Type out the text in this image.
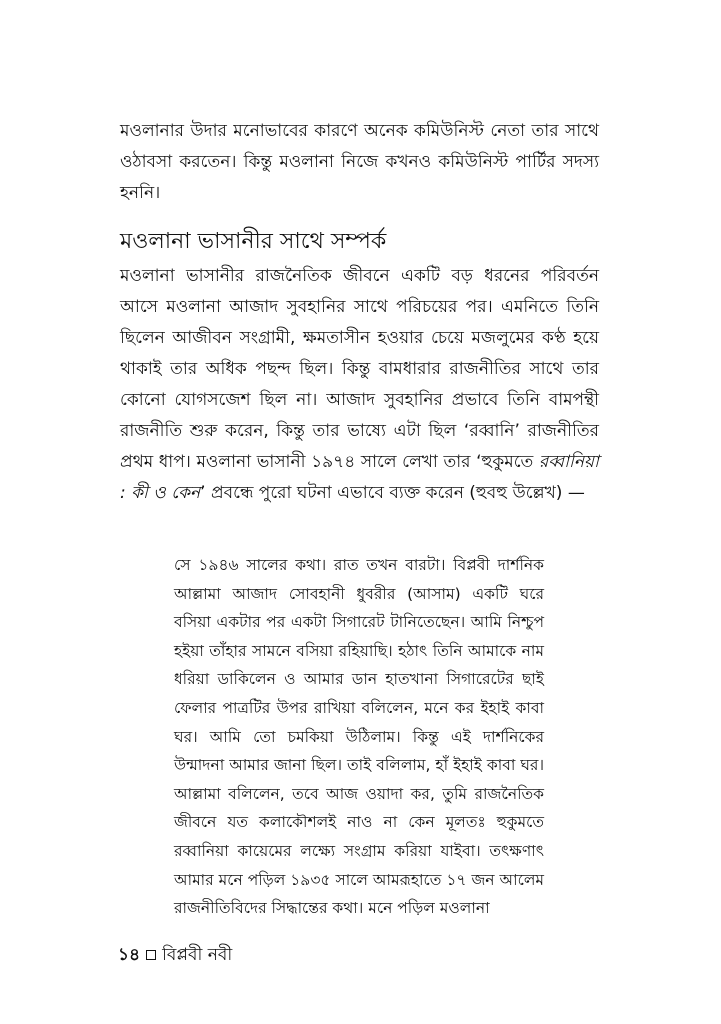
মওলানার উদার মনোভাবের কারণে অনেক কমিউনিস্ট নেতা তার সাথে ওঠাবসা করতেন। কিন্তু মওলানা নিজে কখনও কমিউনিস্ট পার্টির সদস্য হননি।

মওলানা ভাসানীর সাথে সম্পর্ক

মওলানা ভাসানীর রাজনৈতিক জীবনে একটি বড় ধরনের পরিবর্তন আসে মওলানা আজাদ সুবহানির সাথে পরিচয়ের পর। এমনিতে তিনি ছিলেন আজীবন সংগ্রামী, ক্ষমতাসীন হওয়ার চেয়ে মজলুমের কণ্ঠ হয়ে থাকাই তার অধিক পছন্দ ছিল। কিন্তু বামধারার রাজনীতির সাথে তার কোনো যোগসজেশ ছিল না। আজাদ সুবহানির প্রভাবে তিনি বামপন্থী রাজনীতি শুরু করেন, কিন্তু তার ভাষ্যে এটা ছিল ‘রব্বানি’ রাজনীতির প্রথম ধাপ। মওলানা ভাসানী ১৯৭৪ সালে লেখা তার ‘হুকুমতে রব্বানিয়া : কী ও কেন’ প্রবন্ধে পুরো ঘটনা এভাবে ব্যক্ত করেন (হুবহু উল্লেখ) —

সে ১৯৪৬ সালের কথা। রাত তখন বারটা। বিপ্লবী দার্শনিক আল্লামা আজাদ সোবহানী ধুবরীর (আসাম) একটি ঘরে বসিয়া একটার পর একটা সিগারেট টানিতেছেন। আমি নিশ্চুপ হইয়া তাঁহার সামনে বসিয়া রহিয়াছি। হঠাৎ তিনি আমাকে নাম ধরিয়া ডাকিলেন ও আমার ডান হাতখানা সিগারেটের ছাই ফেলার পাত্রটির উপর রাখিয়া বলিলেন, মনে কর ইহাই কাবা ঘর। আমি তো চমকিয়া উঠিলাম। কিন্তু এই দার্শনিকের উন্মাদনা আমার জানা ছিল। তাই বলিলাম, হাঁ ইহাই কাবা ঘর। আল্লামা বলিলেন, তবে আজ ওয়াদা কর, তুমি রাজনৈতিক জীবনে যত কলাকৌশলই নাও না কেন মূলতঃ হুকুমতে রব্বানিয়া কায়েমের লক্ষ্যে সংগ্রাম করিয়া যাইবা। তৎক্ষণাৎ আমার মনে পড়িল ১৯৩৫ সালে আমরূহাতে ১৭ জন আলেম রাজনীতিবিদের সিদ্ধান্তের কথা। মনে পড়িল মওলানা

১৪ বিপ্লবী নবী
